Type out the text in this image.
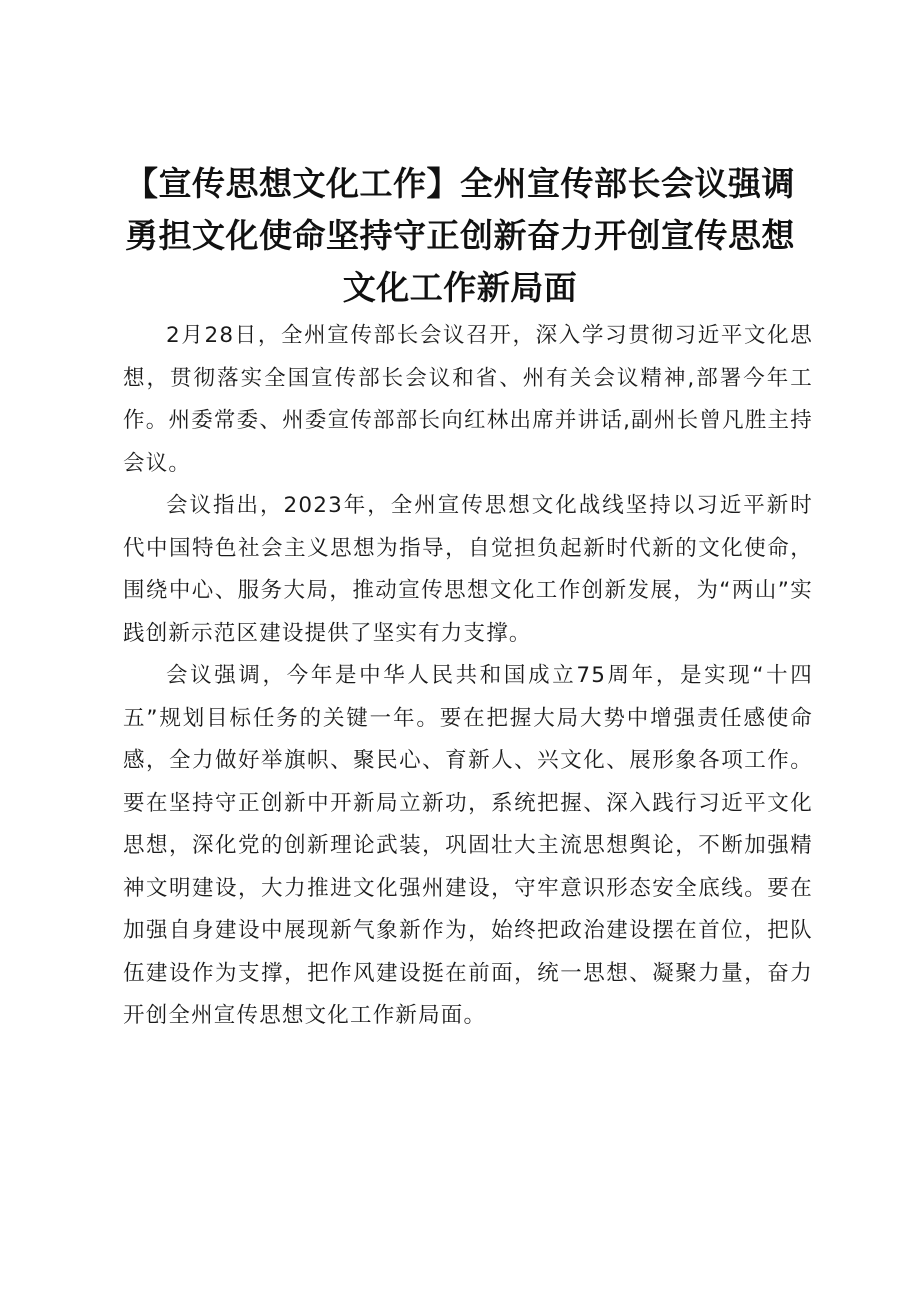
【宣传思想文化工作】全州宣传部长会议强调
勇担文化使命坚持守正创新奋力开创宣传思想
文化工作新局面

2月28日，全州宣传部长会议召开，深入学习贯彻习近平文化思想，贯彻落实全国宣传部长会议和省、州有关会议精神,部署今年工作。州委常委、州委宣传部部长向红林出席并讲话,副州长曾凡胜主持会议。

会议指出，2023年，全州宣传思想文化战线坚持以习近平新时代中国特色社会主义思想为指导，自觉担负起新时代新的文化使命，围绕中心、服务大局，推动宣传思想文化工作创新发展，为“两山”实践创新示范区建设提供了坚实有力支撑。

会议强调，今年是中华人民共和国成立75周年，是实现“十四五”规划目标任务的关键一年。要在把握大局大势中增强责任感使命感，全力做好举旗帜、聚民心、育新人、兴文化、展形象各项工作。要在坚持守正创新中开新局立新功，系统把握、深入践行习近平文化思想，深化党的创新理论武装，巩固壮大主流思想舆论，不断加强精神文明建设，大力推进文化强州建设，守牢意识形态安全底线。要在加强自身建设中展现新气象新作为，始终把政治建设摆在首位，把队伍建设作为支撑，把作风建设挺在前面，统一思想、凝聚力量，奋力开创全州宣传思想文化工作新局面。
